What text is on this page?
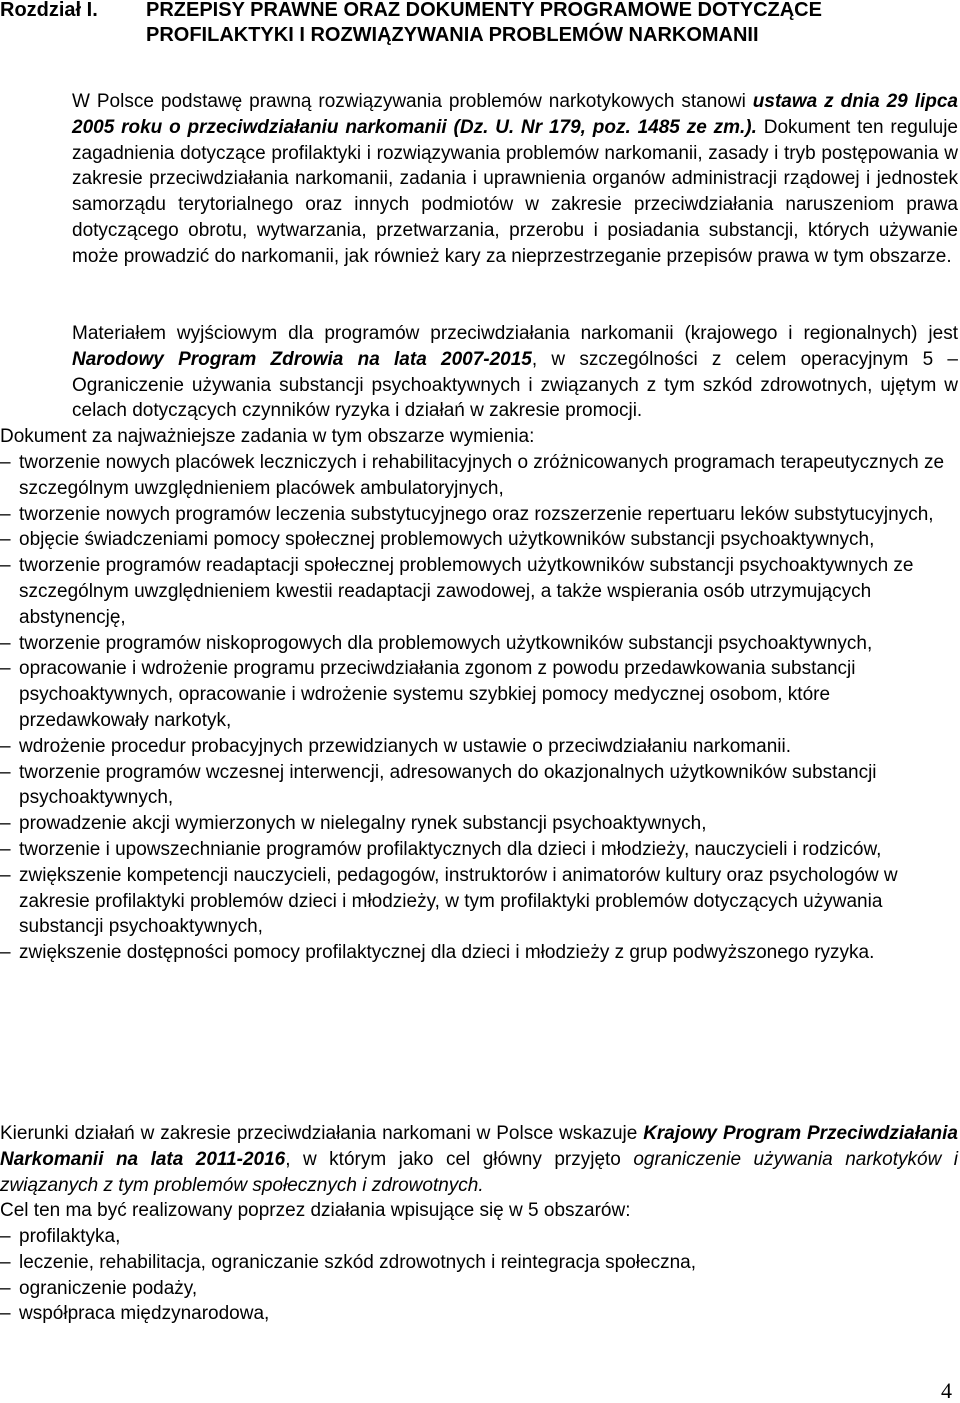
Rozdział I. PRZEPISY PRAWNE ORAZ DOKUMENTY PROGRAMOWE DOTYCZĄCE
PROFILAKTYKI I ROZWIĄZYWANIA PROBLEMÓW NARKOMANII
W Polsce podstawę prawną rozwiązywania problemów narkotykowych stanowi ustawa z dnia 29 lipca 2005 roku o przeciwdziałaniu narkomanii (Dz. U. Nr 179, poz. 1485 ze zm.). Dokument ten reguluje zagadnienia dotyczące profilaktyki i rozwiązywania problemów narkomanii, zasady i tryb postępowania w zakresie przeciwdziałania narkomanii, zadania i uprawnienia organów administracji rządowej i jednostek samorządu terytorialnego oraz innych podmiotów w zakresie przeciwdziałania naruszeniom prawa dotyczącego obrotu, wytwarzania, przetwarzania, przerobu i posiadania substancji, których używanie może prowadzić do narkomanii, jak również kary za nieprzestrzeganie przepisów prawa w tym obszarze.
Materiałem wyjściowym dla programów przeciwdziałania narkomanii (krajowego i regionalnych) jest Narodowy Program Zdrowia na lata 2007-2015, w szczególności z celem operacyjnym 5 – Ograniczenie używania substancji psychoaktywnych i związanych z tym szkód zdrowotnych, ujętym w celach dotyczących czynników ryzyka i działań w zakresie promocji.
Dokument za najważniejsze zadania w tym obszarze wymienia:
– tworzenie nowych placówek leczniczych i rehabilitacyjnych o zróżnicowanych programach terapeutycznych ze szczególnym uwzględnieniem placówek ambulatoryjnych,
– tworzenie nowych programów leczenia substytucyjnego oraz rozszerzenie repertuaru leków substytucyjnych,
– objęcie świadczeniami pomocy społecznej problemowych użytkowników substancji psychoaktywnych,
– tworzenie programów readaptacji społecznej problemowych użytkowników substancji psychoaktywnych ze szczególnym uwzględnieniem kwestii readaptacji zawodowej, a także wspierania osób utrzymujących abstynencję,
– tworzenie programów niskoprogowych dla problemowych użytkowników substancji psychoaktywnych,
– opracowanie i wdrożenie programu przeciwdziałania zgonom z powodu przedawkowania substancji psychoaktywnych, opracowanie i wdrożenie systemu szybkiej pomocy medycznej osobom, które przedawkowały narkotyk,
– wdrożenie procedur probacyjnych przewidzianych w ustawie o przeciwdziałaniu narkomanii.
– tworzenie programów wczesnej interwencji, adresowanych do okazjonalnych użytkowników substancji psychoaktywnych,
– prowadzenie akcji wymierzonych w nielegalny rynek substancji psychoaktywnych,
– tworzenie i upowszechnianie programów profilaktycznych dla dzieci i młodzieży, nauczycieli i rodziców,
– zwiększenie kompetencji nauczycieli, pedagogów, instruktorów i animatorów kultury oraz psychologów w zakresie profilaktyki problemów dzieci i młodzieży, w tym profilaktyki problemów dotyczących używania substancji psychoaktywnych,
– zwiększenie dostępności pomocy profilaktycznej dla dzieci i młodzieży z grup podwyższonego ryzyka.
Kierunki działań w zakresie przeciwdziałania narkomani w Polsce wskazuje Krajowy Program Przeciwdziałania Narkomanii na lata 2011-2016, w którym jako cel główny przyjęto ograniczenie używania narkotyków i związanych z tym problemów społecznych i zdrowotnych.
Cel ten ma być realizowany poprzez działania wpisujące się w 5 obszarów:
– profilaktyka,
– leczenie, rehabilitacja, ograniczanie szkód zdrowotnych i reintegracja społeczna,
– ograniczenie podaży,
– współpraca międzynarodowa,
4
